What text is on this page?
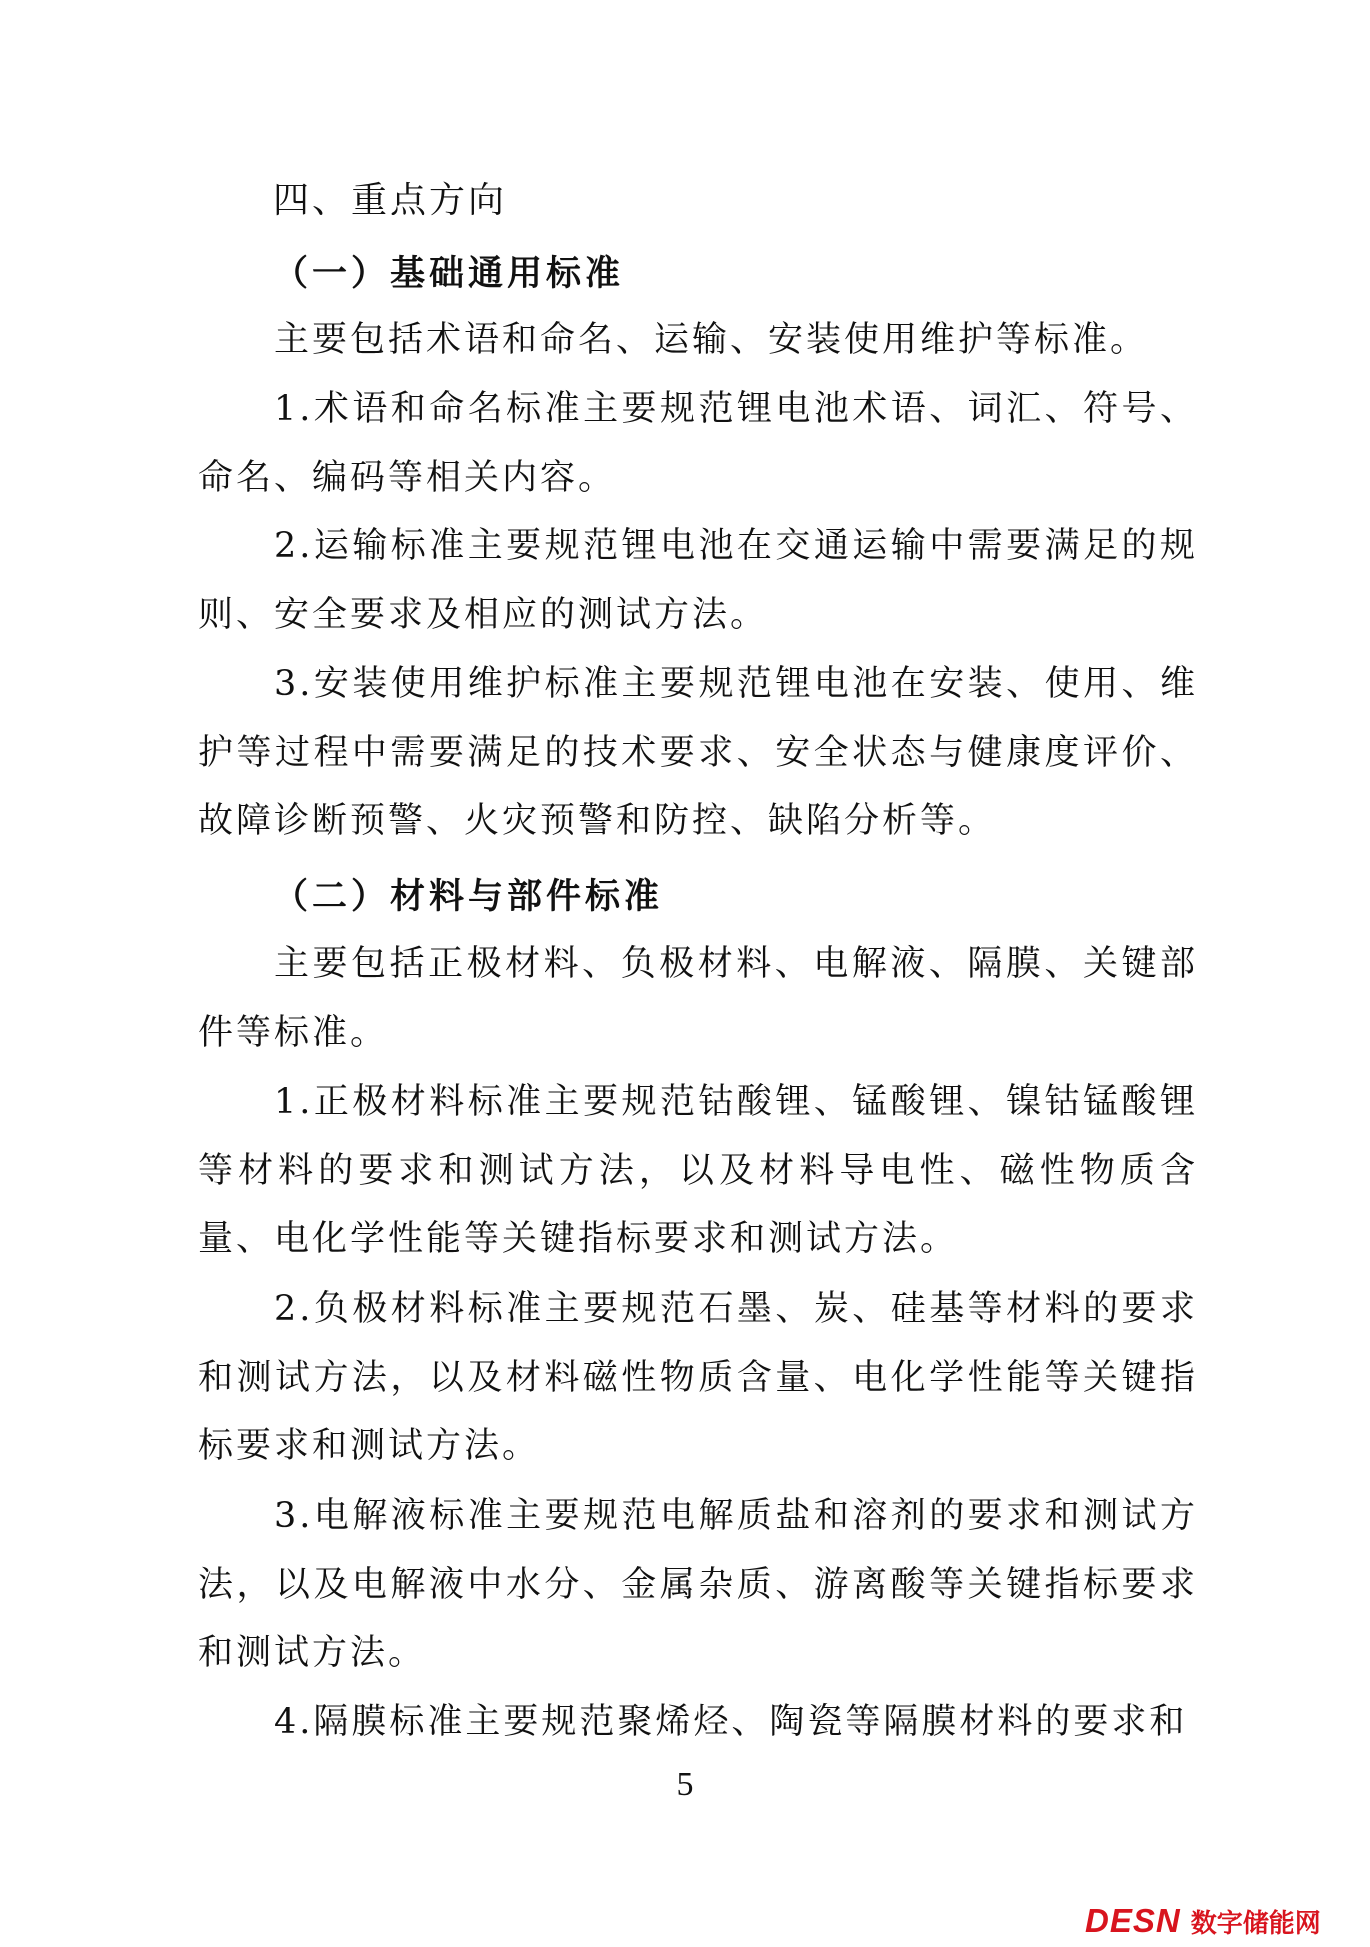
四、重点方向
（一）基础通用标准

主要包括术语和命名、运输、安装使用维护等标准。

1.术语和命名标准主要规范锂电池术语、词汇、符号、命名、编码等相关内容。

2.运输标准主要规范锂电池在交通运输中需要满足的规则、安全要求及相应的测试方法。

3.安装使用维护标准主要规范锂电池在安装、使用、维护等过程中需要满足的技术要求、安全状态与健康度评价、故障诊断预警、火灾预警和防控、缺陷分析等。

（二）材料与部件标准

主要包括正极材料、负极材料、电解液、隔膜、关键部件等标准。

1.正极材料标准主要规范钴酸锂、锰酸锂、镍钴锰酸锂等材料的要求和测试方法，以及材料导电性、磁性物质含量、电化学性能等关键指标要求和测试方法。

2.负极材料标准主要规范石墨、炭、硅基等材料的要求和测试方法，以及材料磁性物质含量、电化学性能等关键指标要求和测试方法。

3.电解液标准主要规范电解质盐和溶剂的要求和测试方法，以及电解液中水分、金属杂质、游离酸等关键指标要求和测试方法。

4.隔膜标准主要规范聚烯烃、陶瓷等隔膜材料的要求和

5

DESN 数字储能网
